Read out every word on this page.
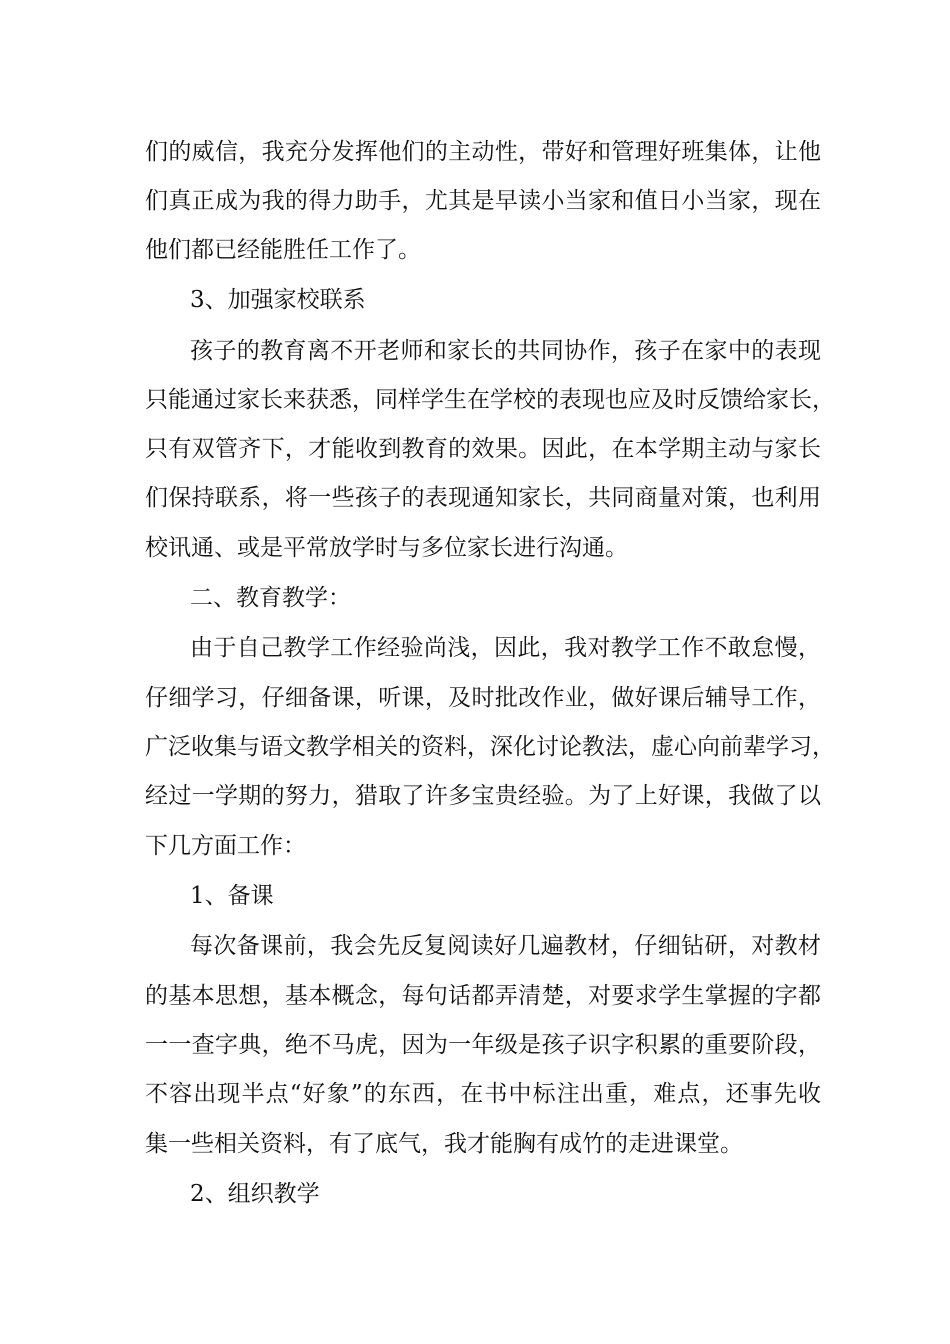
们的威信，我充分发挥他们的主动性，带好和管理好班集体，让他
们真正成为我的得力助手，尤其是早读小当家和值日小当家，现在
他们都已经能胜任工作了。
3、加强家校联系
孩子的教育离不开老师和家长的共同协作，孩子在家中的表现
只能通过家长来获悉，同样学生在学校的表现也应及时反馈给家长，
只有双管齐下，才能收到教育的效果。因此，在本学期主动与家长
们保持联系，将一些孩子的表现通知家长，共同商量对策，也利用
校讯通、或是平常放学时与多位家长进行沟通。
二、教育教学：
由于自己教学工作经验尚浅，因此，我对教学工作不敢怠慢，
仔细学习，仔细备课，听课，及时批改作业，做好课后辅导工作，
广泛收集与语文教学相关的资料，深化讨论教法，虚心向前辈学习，
经过一学期的努力，猎取了许多宝贵经验。为了上好课，我做了以
下几方面工作：
1、备课
每次备课前，我会先反复阅读好几遍教材，仔细钻研，对教材
的基本思想，基本概念，每句话都弄清楚，对要求学生掌握的字都
一一查字典，绝不马虎，因为一年级是孩子识字积累的重要阶段，
不容出现半点“好象”的东西，在书中标注出重，难点，还事先收
集一些相关资料，有了底气，我才能胸有成竹的走进课堂。
2、组织教学
